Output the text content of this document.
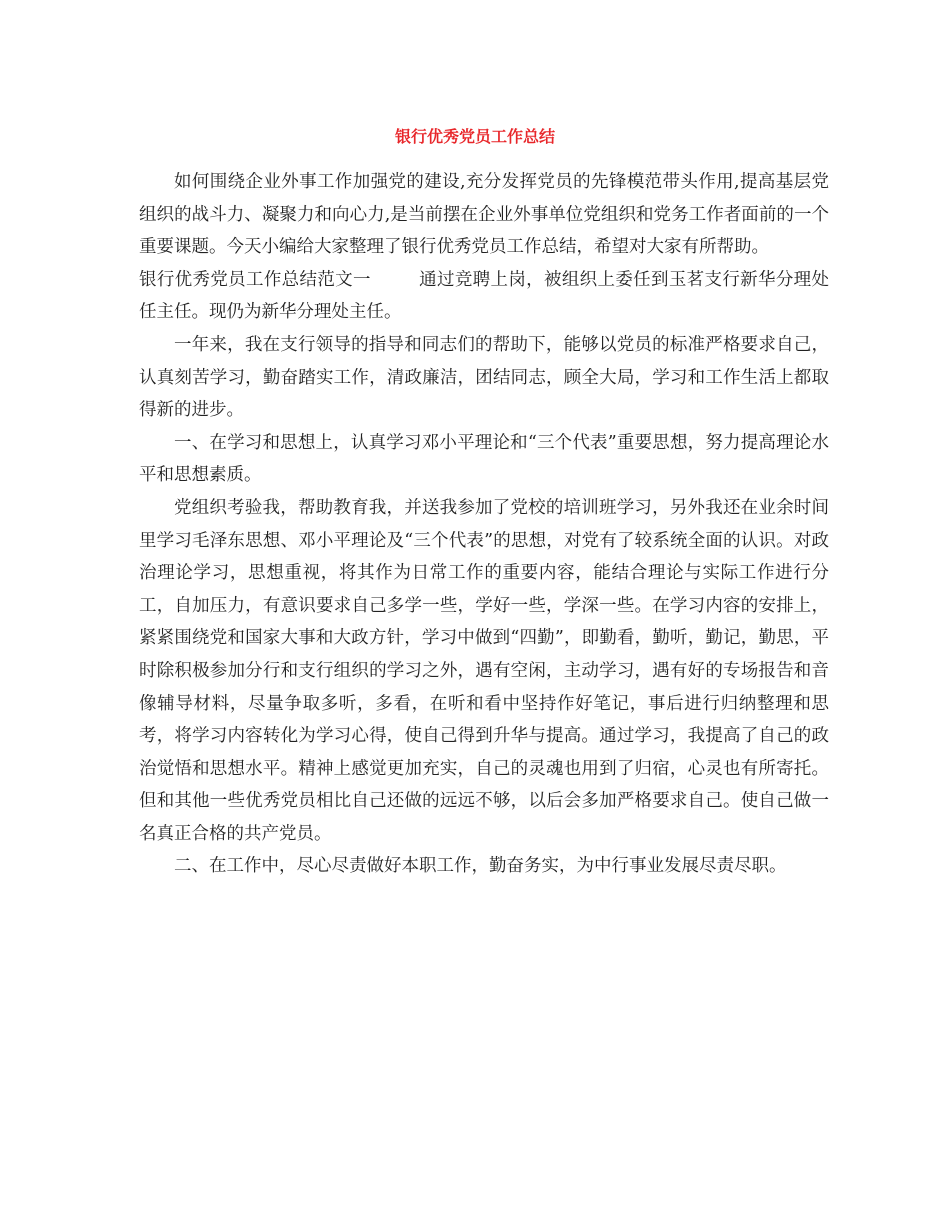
银行优秀党员工作总结

如何围绕企业外事工作加强党的建设,充分发挥党员的先锋模范带头作用,提高基层党组织的战斗力、凝聚力和向心力,是当前摆在企业外事单位党组织和党务工作者面前的一个重要课题。今天小编给大家整理了银行优秀党员工作总结，希望对大家有所帮助。

银行优秀党员工作总结范文一	通过竞聘上岗，被组织上委任到玉茗支行新华分理处任主任。现仍为新华分理处主任。

一年来，我在支行领导的指导和同志们的帮助下，能够以党员的标准严格要求自己，认真刻苦学习，勤奋踏实工作，清政廉洁，团结同志，顾全大局，学习和工作生活上都取得新的进步。

一、在学习和思想上，认真学习邓小平理论和“三个代表”重要思想，努力提高理论水平和思想素质。

党组织考验我，帮助教育我，并送我参加了党校的培训班学习，另外我还在业余时间里学习毛泽东思想、邓小平理论及“三个代表”的思想，对党有了较系统全面的认识。对政治理论学习，思想重视，将其作为日常工作的重要内容，能结合理论与实际工作进行分工，自加压力，有意识要求自己多学一些，学好一些，学深一些。在学习内容的安排上，紧紧围绕党和国家大事和大政方针，学习中做到“四勤”，即勤看，勤听，勤记，勤思，平时除积极参加分行和支行组织的学习之外，遇有空闲，主动学习，遇有好的专场报告和音像辅导材料，尽量争取多听，多看，在听和看中坚持作好笔记，事后进行归纳整理和思考，将学习内容转化为学习心得，使自己得到升华与提高。通过学习，我提高了自己的政治觉悟和思想水平。精神上感觉更加充实，自己的灵魂也用到了归宿，心灵也有所寄托。但和其他一些优秀党员相比自己还做的远远不够，以后会多加严格要求自己。使自己做一名真正合格的共产党员。

二、在工作中，尽心尽责做好本职工作，勤奋务实，为中行事业发展尽责尽职。
